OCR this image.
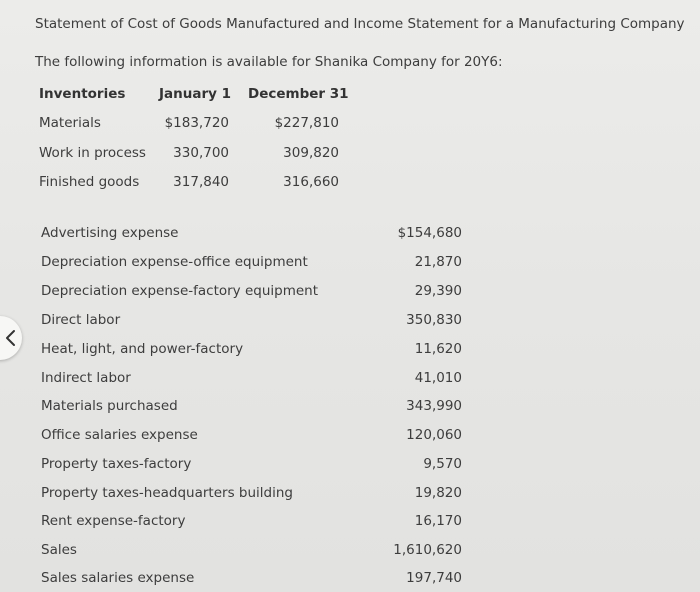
Statement of Cost of Goods Manufactured and Income Statement for a Manufacturing Company
The following information is available for Shanika Company for 20Y6:
Inventories January 1 December 31
Materials	$183,720	$227,810
Work in process 330,700	309,820
Finished goods	317,840	316,660
Advertising expense	$154,680
Depreciation expense-office equipment	21,870
Depreciation expense-factory equipment	29,390
Direct labor	350,830
Heat, light, and power-factory	11,620
Indirect labor	41,010
Materials purchased	343,990
Office salaries expense	120,060
Property taxes-factory	9,570
Property taxes-headquarters building	19,820
Rent expense-factory	16,170
Sales	1,610,620
Sales salaries expense	197,740
